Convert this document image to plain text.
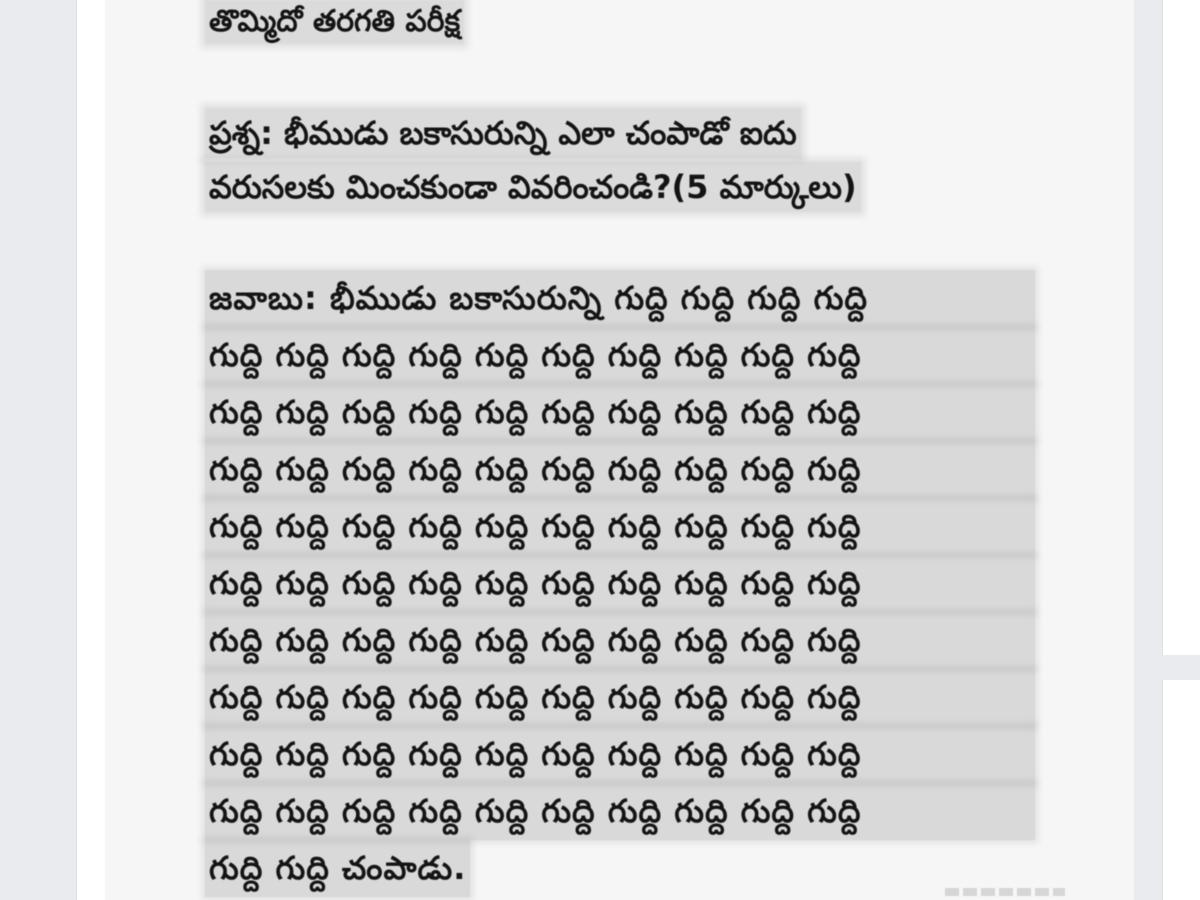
తొమ్మిదో తరగతి పరీక్ష
ప్రశ్న: భీముడు బకాసురున్ని ఎలా చంపాడో ఐదు
వరుసలకు మించకుండా వివరించండి?(5 మార్కులు)
జవాబు: భీముడు బకాసురున్ని గుద్ది గుద్ది గుద్ది గుద్ది
గుద్ది గుద్ది గుద్ది గుద్ది గుద్ది గుద్ది గుద్ది గుద్ది గుద్ది గుద్ది
గుద్ది గుద్ది గుద్ది గుద్ది గుద్ది గుద్ది గుద్ది గుద్ది గుద్ది గుద్ది
గుద్ది గుద్ది గుద్ది గుద్ది గుద్ది గుద్ది గుద్ది గుద్ది గుద్ది గుద్ది
గుద్ది గుద్ది గుద్ది గుద్ది గుద్ది గుద్ది గుద్ది గుద్ది గుద్ది గుద్ది
గుద్ది గుద్ది గుద్ది గుద్ది గుద్ది గుద్ది గుద్ది గుద్ది గుద్ది గుద్ది
గుద్ది గుద్ది గుద్ది గుద్ది గుద్ది గుద్ది గుద్ది గుద్ది గుద్ది గుద్ది
గుద్ది గుద్ది గుద్ది గుద్ది గుద్ది గుద్ది గుద్ది గుద్ది గుద్ది గుద్ది
గుద్ది గుద్ది గుద్ది గుద్ది గుద్ది గుద్ది గుద్ది గుద్ది గుద్ది గుద్ది
గుద్ది గుద్ది గుద్ది గుద్ది గుద్ది గుద్ది గుద్ది గుద్ది గుద్ది గుద్ది
గుద్ది గుద్ది చంపాడు.
